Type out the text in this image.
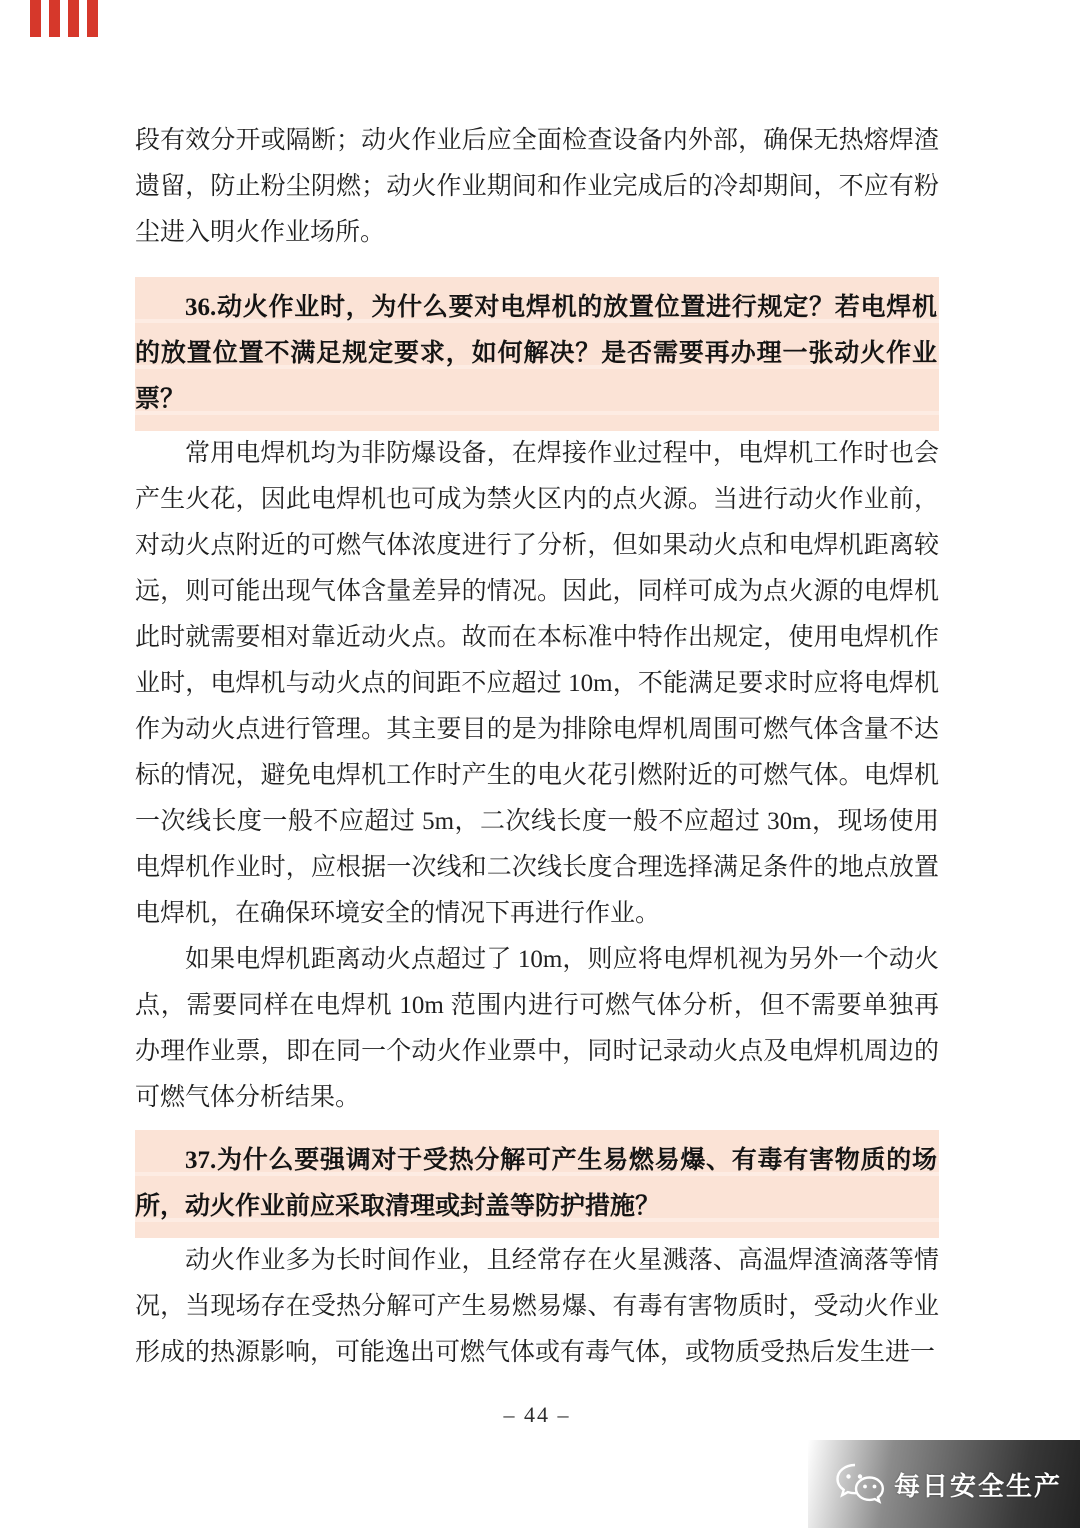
段有效分开或隔断；动火作业后应全面检查设备内外部，确保无热熔焊渣遗留，防止粉尘阴燃；动火作业期间和作业完成后的冷却期间，不应有粉尘进入明火作业场所。

36.动火作业时，为什么要对电焊机的放置位置进行规定？若电焊机的放置位置不满足规定要求，如何解决？是否需要再办理一张动火作业票？

常用电焊机均为非防爆设备，在焊接作业过程中，电焊机工作时也会产生火花，因此电焊机也可成为禁火区内的点火源。当进行动火作业前，对动火点附近的可燃气体浓度进行了分析，但如果动火点和电焊机距离较远，则可能出现气体含量差异的情况。因此，同样可成为点火源的电焊机此时就需要相对靠近动火点。故而在本标准中特作出规定，使用电焊机作业时，电焊机与动火点的间距不应超过 10m，不能满足要求时应将电焊机作为动火点进行管理。其主要目的是为排除电焊机周围可燃气体含量不达标的情况，避免电焊机工作时产生的电火花引燃附近的可燃气体。电焊机一次线长度一般不应超过 5m，二次线长度一般不应超过 30m，现场使用电焊机作业时，应根据一次线和二次线长度合理选择满足条件的地点放置电焊机，在确保环境安全的情况下再进行作业。

如果电焊机距离动火点超过了 10m，则应将电焊机视为另外一个动火点，需要同样在电焊机 10m 范围内进行可燃气体分析，但不需要单独再办理作业票，即在同一个动火作业票中，同时记录动火点及电焊机周边的可燃气体分析结果。

37.为什么要强调对于受热分解可产生易燃易爆、有毒有害物质的场所，动火作业前应采取清理或封盖等防护措施？

动火作业多为长时间作业，且经常存在火星溅落、高温焊渣滴落等情况，当现场存在受热分解可产生易燃易爆、有毒有害物质时，受动火作业形成的热源影响，可能逸出可燃气体或有毒气体，或物质受热后发生进一

– 44 –
每日安全生产
